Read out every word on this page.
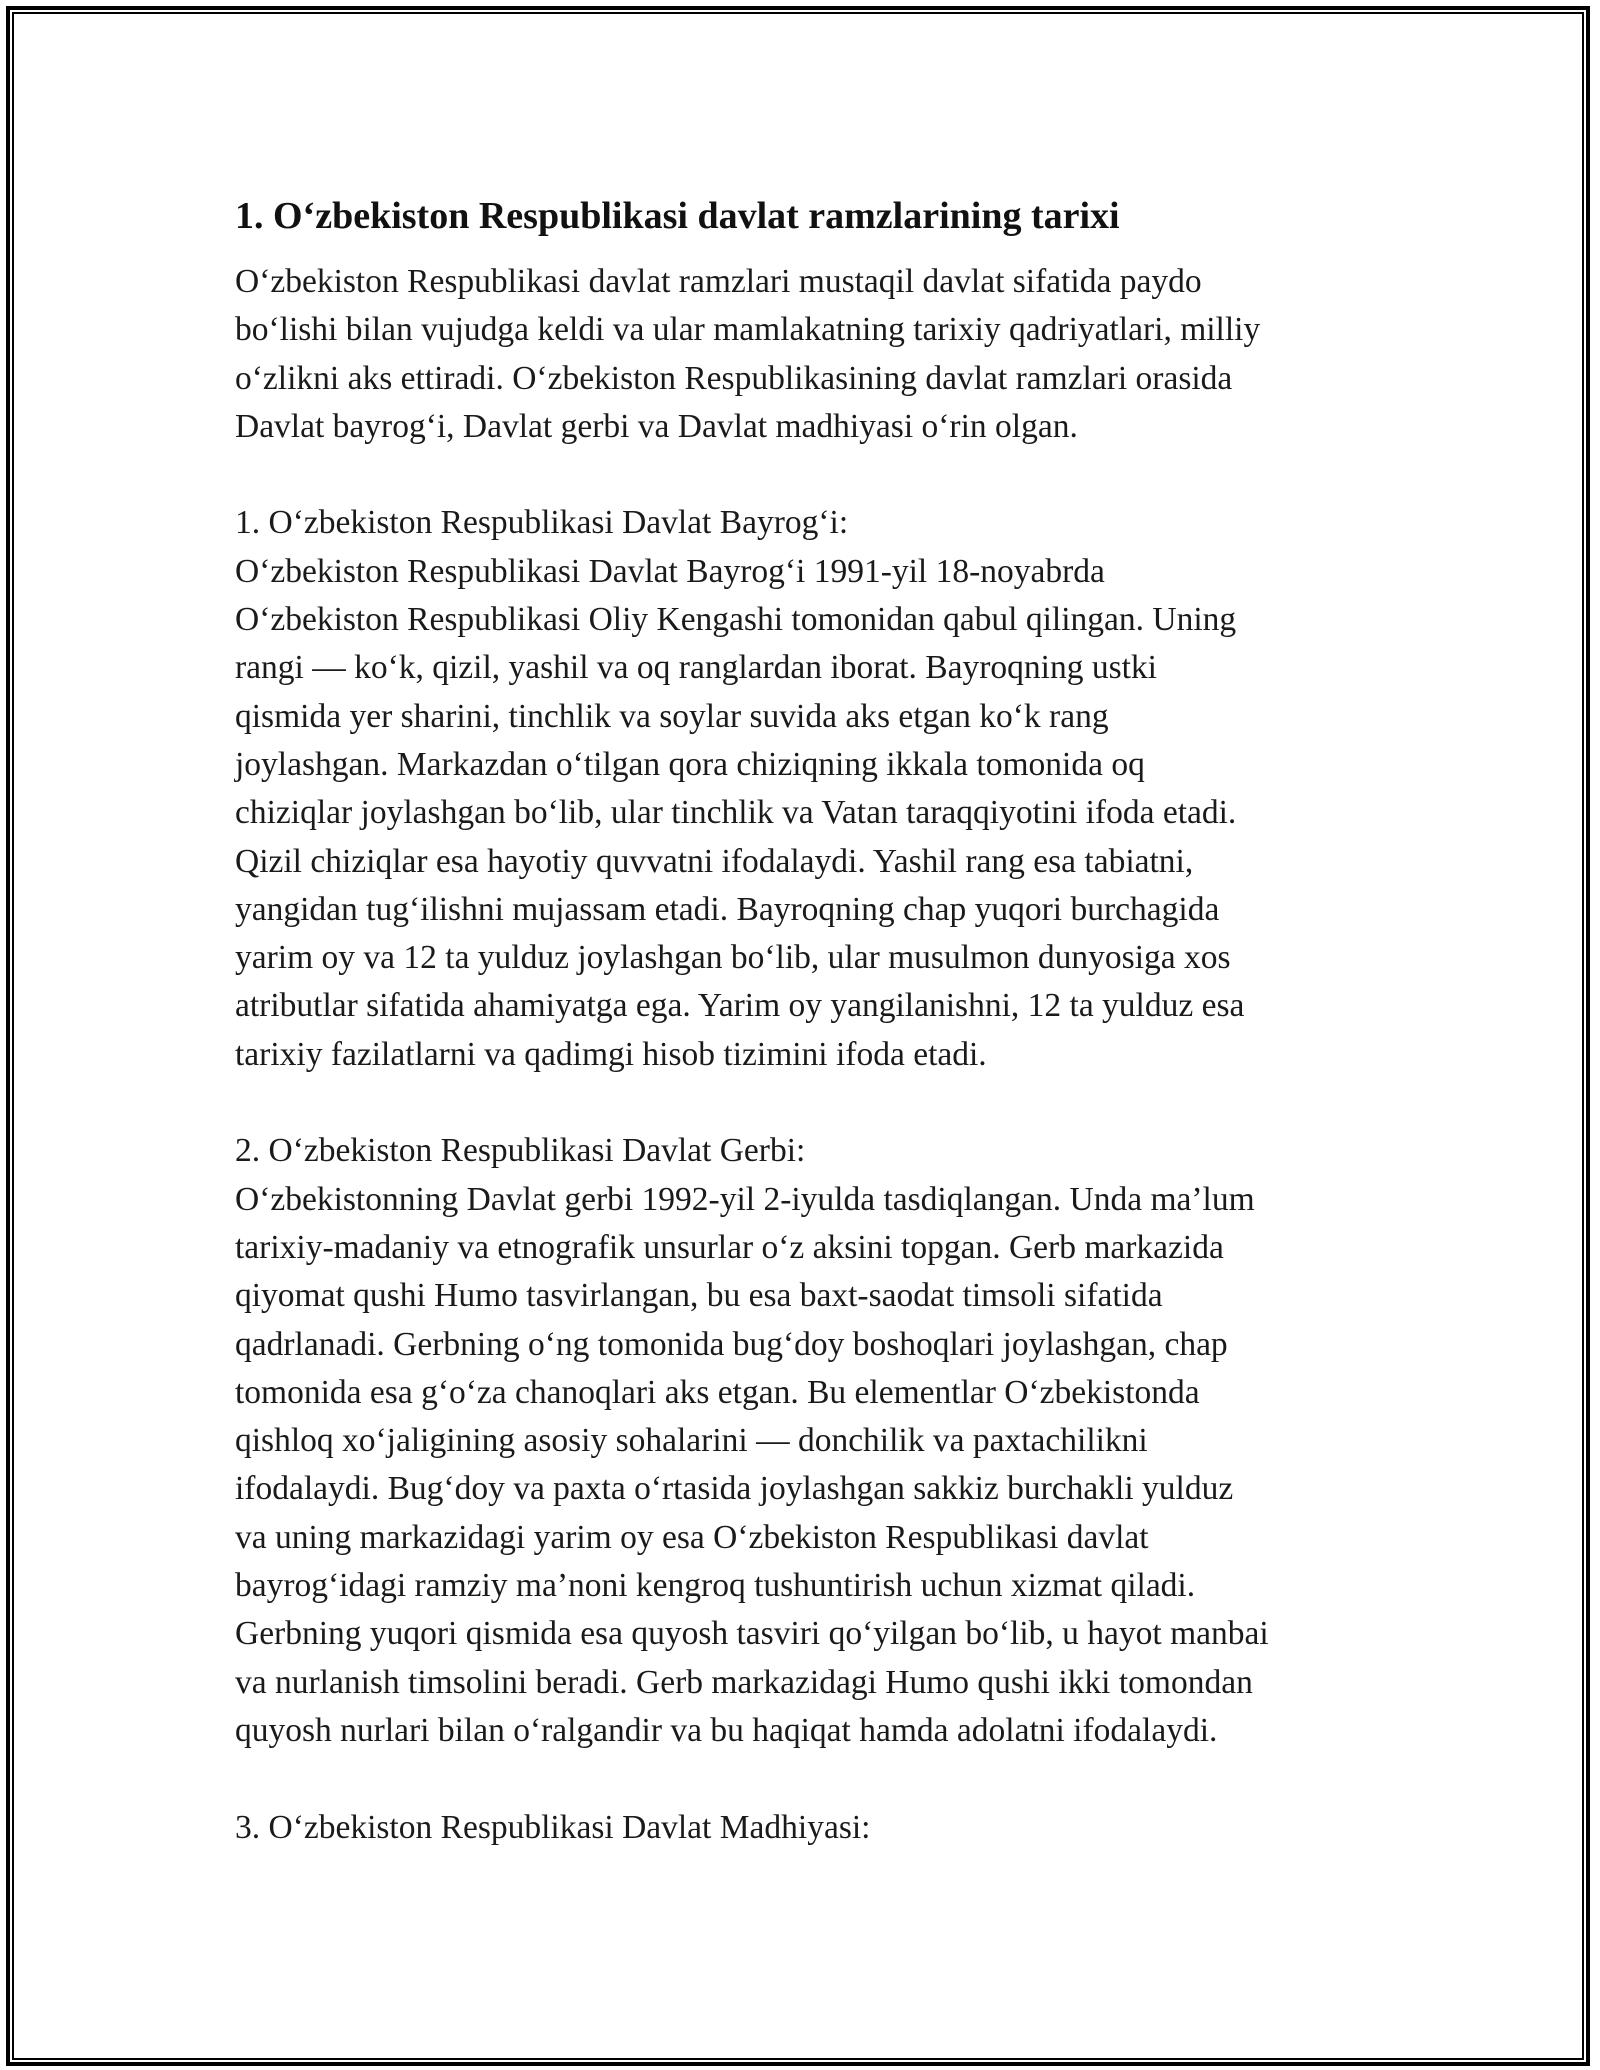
1. O‘zbekiston Respublikasi davlat ramzlarining tarixi
O‘zbekiston Respublikasi davlat ramzlari mustaqil davlat sifatida paydo
bo‘lishi bilan vujudga keldi va ular mamlakatning tarixiy qadriyatlari, milliy
o‘zlikni aks ettiradi. O‘zbekiston Respublikasining davlat ramzlari orasida
Davlat bayrog‘i, Davlat gerbi va Davlat madhiyasi o‘rin olgan.
1. O‘zbekiston Respublikasi Davlat Bayrog‘i:
O‘zbekiston Respublikasi Davlat Bayrog‘i 1991-yil 18-noyabrda
O‘zbekiston Respublikasi Oliy Kengashi tomonidan qabul qilingan. Uning
rangi — ko‘k, qizil, yashil va oq ranglardan iborat. Bayroqning ustki
qismida yer sharini, tinchlik va soylar suvida aks etgan ko‘k rang
joylashgan. Markazdan o‘tilgan qora chiziqning ikkala tomonida oq
chiziqlar joylashgan bo‘lib, ular tinchlik va Vatan taraqqiyotini ifoda etadi.
Qizil chiziqlar esa hayotiy quvvatni ifodalaydi. Yashil rang esa tabiatni,
yangidan tug‘ilishni mujassam etadi. Bayroqning chap yuqori burchagida
yarim oy va 12 ta yulduz joylashgan bo‘lib, ular musulmon dunyosiga xos
atributlar sifatida ahamiyatga ega. Yarim oy yangilanishni, 12 ta yulduz esa
tarixiy fazilatlarni va qadimgi hisob tizimini ifoda etadi.
2. O‘zbekiston Respublikasi Davlat Gerbi:
O‘zbekistonning Davlat gerbi 1992-yil 2-iyulda tasdiqlangan. Unda ma’lum
tarixiy-madaniy va etnografik unsurlar o‘z aksini topgan. Gerb markazida
qiyomat qushi Humo tasvirlangan, bu esa baxt-saodat timsoli sifatida
qadrlanadi. Gerbning o‘ng tomonida bug‘doy boshoqlari joylashgan, chap
tomonida esa g‘o‘za chanoqlari aks etgan. Bu elementlar O‘zbekistonda
qishloq xo‘jaligining asosiy sohalarini — donchilik va paxtachilikni
ifodalaydi. Bug‘doy va paxta o‘rtasida joylashgan sakkiz burchakli yulduz
va uning markazidagi yarim oy esa O‘zbekiston Respublikasi davlat
bayrog‘idagi ramziy ma’noni kengroq tushuntirish uchun xizmat qiladi.
Gerbning yuqori qismida esa quyosh tasviri qo‘yilgan bo‘lib, u hayot manbai
va nurlanish timsolini beradi. Gerb markazidagi Humo qushi ikki tomondan
quyosh nurlari bilan o‘ralgandir va bu haqiqat hamda adolatni ifodalaydi.
3. O‘zbekiston Respublikasi Davlat Madhiyasi:
